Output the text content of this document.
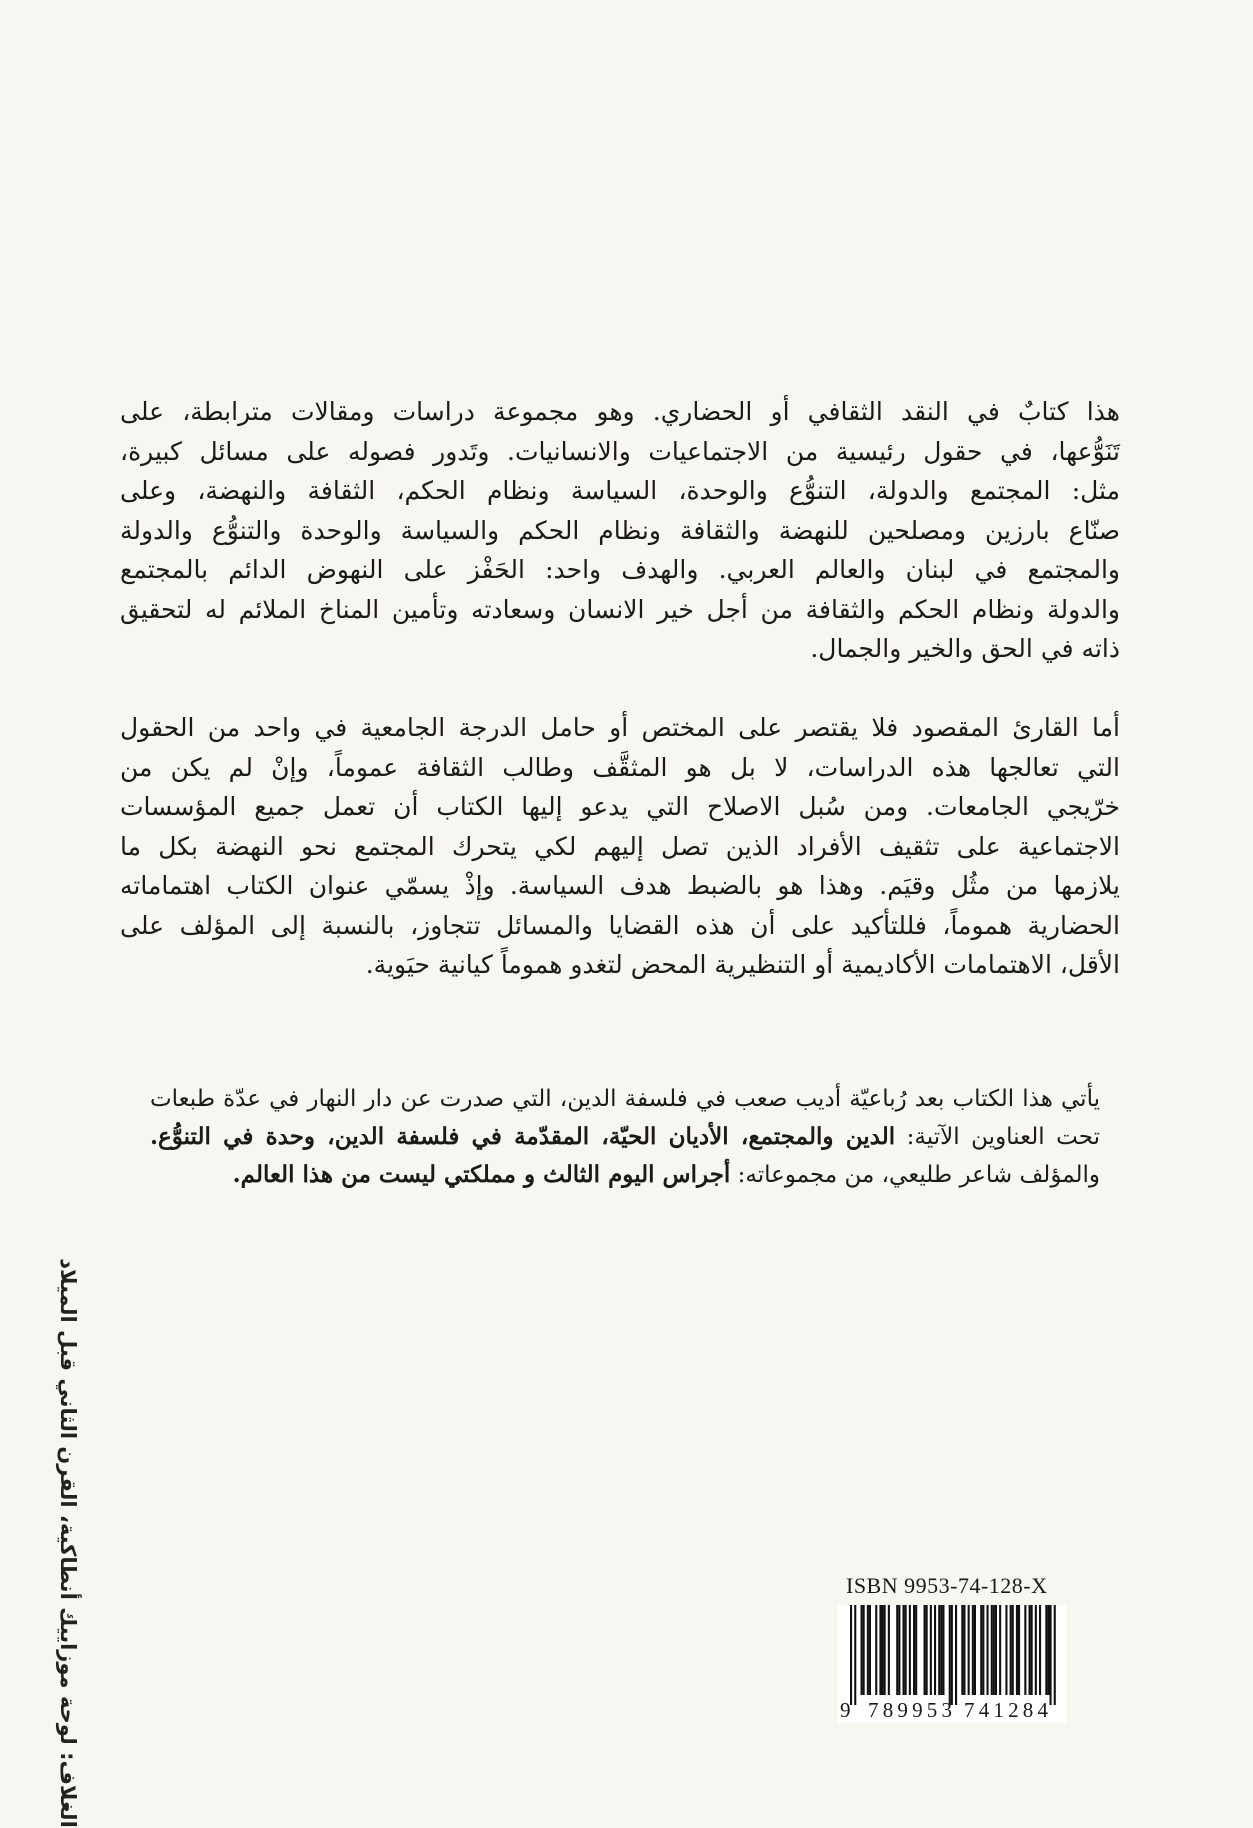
هذا كتابٌ في النقد الثقافي أو الحضاري. وهو مجموعة دراسات ومقالات مترابطة، على
تَنَوُّعها، في حقول رئيسية من الاجتماعيات والانسانيات. وتَدور فصوله على مسائل كبيرة،
مثل: المجتمع والدولة، التنوُّع والوحدة، السياسة ونظام الحكم، الثقافة والنهضة، وعلى
صنّاع بارزين ومصلحين للنهضة والثقافة ونظام الحكم والسياسة والوحدة والتنوُّع والدولة
والمجتمع في لبنان والعالم العربي. والهدف واحد: الحَفْز على النهوض الدائم بالمجتمع
والدولة ونظام الحكم والثقافة من أجل خير الانسان وسعادته وتأمين المناخ الملائم له لتحقيق
ذاته في الحق والخير والجمال.
أما القارئ المقصود فلا يقتصر على المختص أو حامل الدرجة الجامعية في واحد من الحقول
التي تعالجها هذه الدراسات، لا بل هو المثقَّف وطالب الثقافة عموماً، وإنْ لم يكن من
خرّيجي الجامعات. ومن سُبل الاصلاح التي يدعو إليها الكتاب أن تعمل جميع المؤسسات
الاجتماعية على تثقيف الأفراد الذين تصل إليهم لكي يتحرك المجتمع نحو النهضة بكل ما
يلازمها من مثُل وقيَم. وهذا هو بالضبط هدف السياسة. وإذْ يسمّي عنوان الكتاب اهتماماته
الحضارية هموماً، فللتأكيد على أن هذه القضايا والمسائل تتجاوز، بالنسبة إلى المؤلف على
الأقل، الاهتمامات الأكاديمية أو التنظيرية المحض لتغدو هموماً كيانية حيَوية.
يأتي هذا الكتاب بعد رُباعيّة أديب صعب في فلسفة الدين، التي صدرت عن دار النهار في عدّة طبعات
تحت العناوين الآتية: الدين والمجتمع، الأديان الحيّة، المقدّمة في فلسفة الدين، وحدة في التنوُّع.
والمؤلف شاعر طليعي، من مجموعاته: أجراس اليوم الثالث و مملكتي ليست من هذا العالم.
الغلاف: لوحة موزاييك أنطاكية، القرن الثاني قبل الميلاد	ISBN 9953-74-128-X
9 789953 741284
